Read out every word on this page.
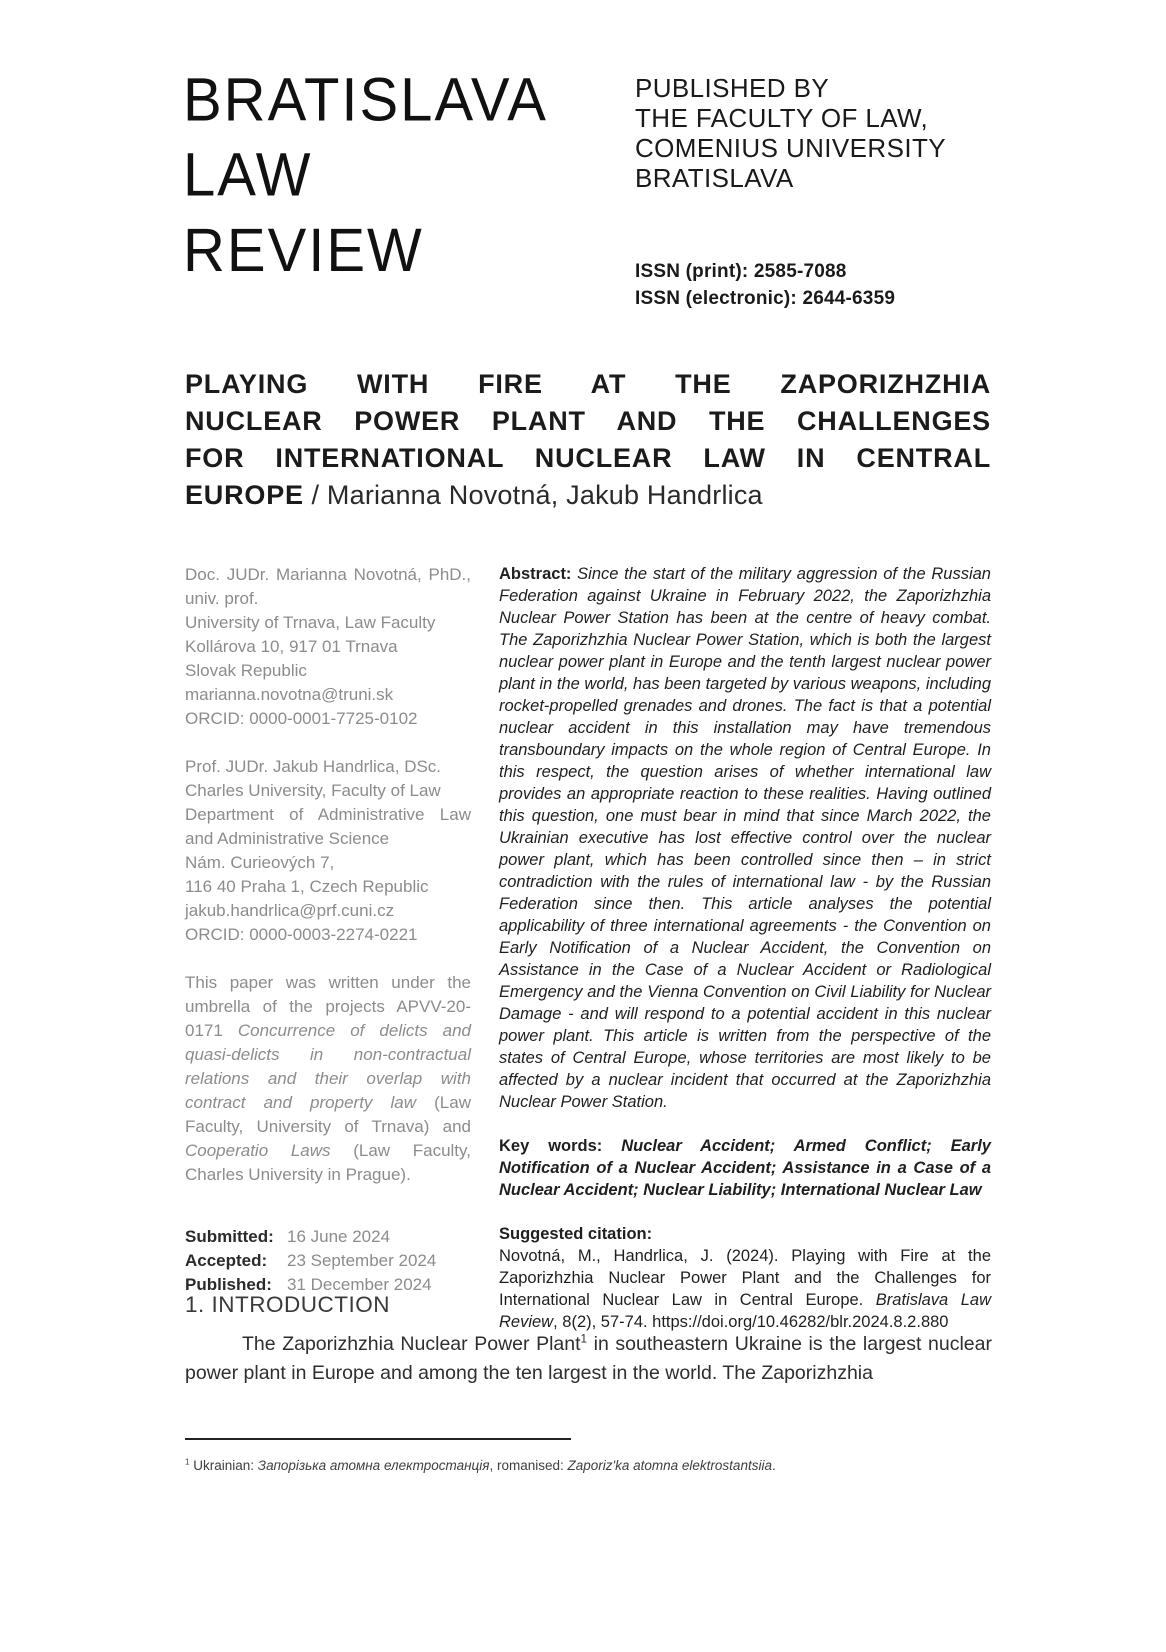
BRATISLAVA
LAW
REVIEW
PUBLISHED BY
THE FACULTY OF LAW,
COMENIUS UNIVERSITY
BRATISLAVA
ISSN (print): 2585-7088
ISSN (electronic): 2644-6359
PLAYING WITH FIRE AT THE ZAPORIZHZHIA
NUCLEAR POWER PLANT AND THE CHALLENGES
FOR INTERNATIONAL NUCLEAR LAW IN CENTRAL
EUROPE / Marianna Novotná, Jakub Handrlica
Doc. JUDr. Marianna Novotná, PhD., univ. prof.
University of Trnava, Law Faculty
Kollárova 10, 917 01 Trnava
Slovak Republic
marianna.novotna@truni.sk
ORCID: 0000-0001-7725-0102
Prof. JUDr. Jakub Handrlica, DSc.
Charles University, Faculty of Law
Department of Administrative Law and Administrative Science
Nám. Curieových 7,
116 40 Praha 1, Czech Republic
jakub.handrlica@prf.cuni.cz
ORCID: 0000-0003-2274-0221
This paper was written under the umbrella of the projects APVV-20-0171 Concurrence of delicts and quasi-delicts in non-contractual relations and their overlap with contract and property law (Law Faculty, University of Trnava) and Cooperatio Laws (Law Faculty, Charles University in Prague).
Submitted: 16 June 2024
Accepted:	23 September 2024
Published: 31 December 2024
Abstract: Since the start of the military aggression of the Russian Federation against Ukraine in February 2022, the Zaporizhzhia Nuclear Power Station has been at the centre of heavy combat. The Zaporizhzhia Nuclear Power Station, which is both the largest nuclear power plant in Europe and the tenth largest nuclear power plant in the world, has been targeted by various weapons, including rocket-propelled grenades and drones. The fact is that a potential nuclear accident in this installation may have tremendous transboundary impacts on the whole region of Central Europe. In this respect, the question arises of whether international law provides an appropriate reaction to these realities. Having outlined this question, one must bear in mind that since March 2022, the Ukrainian executive has lost effective control over the nuclear power plant, which has been controlled since then – in strict contradiction with the rules of international law - by the Russian Federation since then. This article analyses the potential applicability of three international agreements - the Convention on Early Notification of a Nuclear Accident, the Convention on Assistance in the Case of a Nuclear Accident or Radiological Emergency and the Vienna Convention on Civil Liability for Nuclear Damage - and will respond to a potential accident in this nuclear power plant. This article is written from the perspective of the states of Central Europe, whose territories are most likely to be affected by a nuclear incident that occurred at the Zaporizhzhia Nuclear Power Station.
Key words: Nuclear Accident; Armed Conflict; Early Notification of a Nuclear Accident; Assistance in a Case of a Nuclear Accident; Nuclear Liability; International Nuclear Law
Suggested citation:
Novotná, M., Handrlica, J. (2024). Playing with Fire at the Zaporizhzhia Nuclear Power Plant and the Challenges for International Nuclear Law in Central Europe. Bratislava Law Review, 8(2), 57-74. https://doi.org/10.46282/blr.2024.8.2.880
1. INTRODUCTION
The Zaporizhzhia Nuclear Power Plant$^1$ in southeastern Ukraine is the largest nuclear power plant in Europe and among the ten largest in the world. The Zaporizhzhia
$^1$ Ukrainian: Запорізька атомна електростанція, romanised: Zaporiz'ka atomna elektrostantsiia.
